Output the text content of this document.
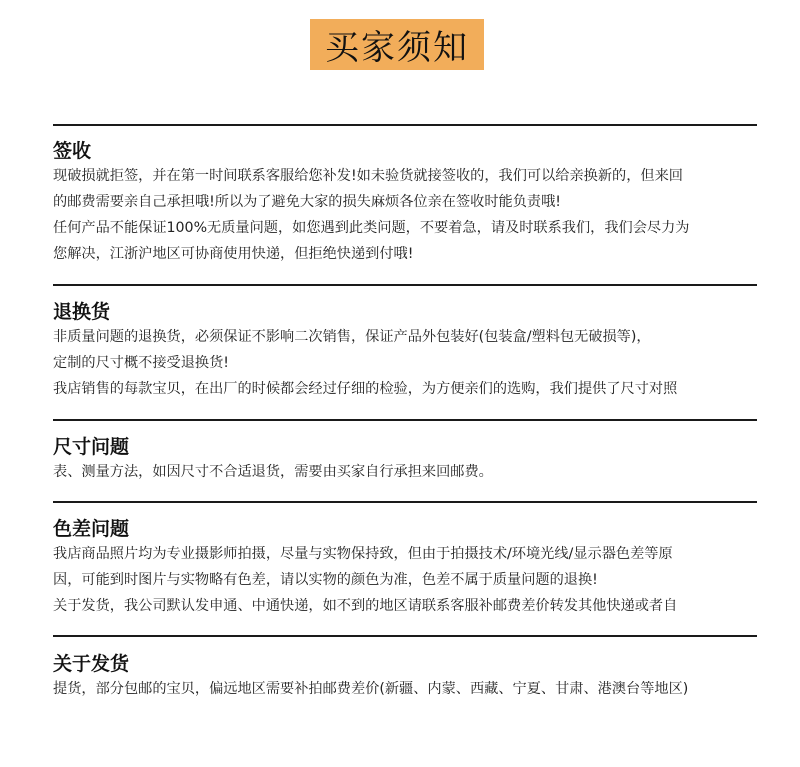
买家须知
签收
现破损就拒签，并在第一时间联系客服给您补发!如未验货就接签收的，我们可以给亲换新的，但来回
的邮费需要亲自己承担哦!所以为了避免大家的损失麻烦各位亲在签收时能负责哦!
任何产品不能保证100%无质量问题，如您遇到此类问题，不要着急，请及时联系我们，我们会尽力为
您解决，江浙沪地区可协商使用快递，但拒绝快递到付哦!
退换货
非质量问题的退换货，必须保证不影响二次销售，保证产品外包装好(包装盒/塑料包无破损等)，
定制的尺寸概不接受退换货!
我店销售的每款宝贝，在出厂的时候都会经过仔细的检验，为方便亲们的选购，我们提供了尺寸对照
尺寸问题
表、测量方法，如因尺寸不合适退货，需要由买家自行承担来回邮费。
色差问题
我店商品照片均为专业摄影师拍摄，尽量与实物保持致，但由于拍摄技术/环境光线/显示器色差等原
因，可能到时图片与实物略有色差，请以实物的颜色为准，色差不属于质量问题的退换!
关于发货，我公司默认发申通、中通快递，如不到的地区请联系客服补邮费差价转发其他快递或者自
关于发货
提货，部分包邮的宝贝，偏远地区需要补拍邮费差价(新疆、内蒙、西藏、宁夏、甘肃、港澳台等地区)
